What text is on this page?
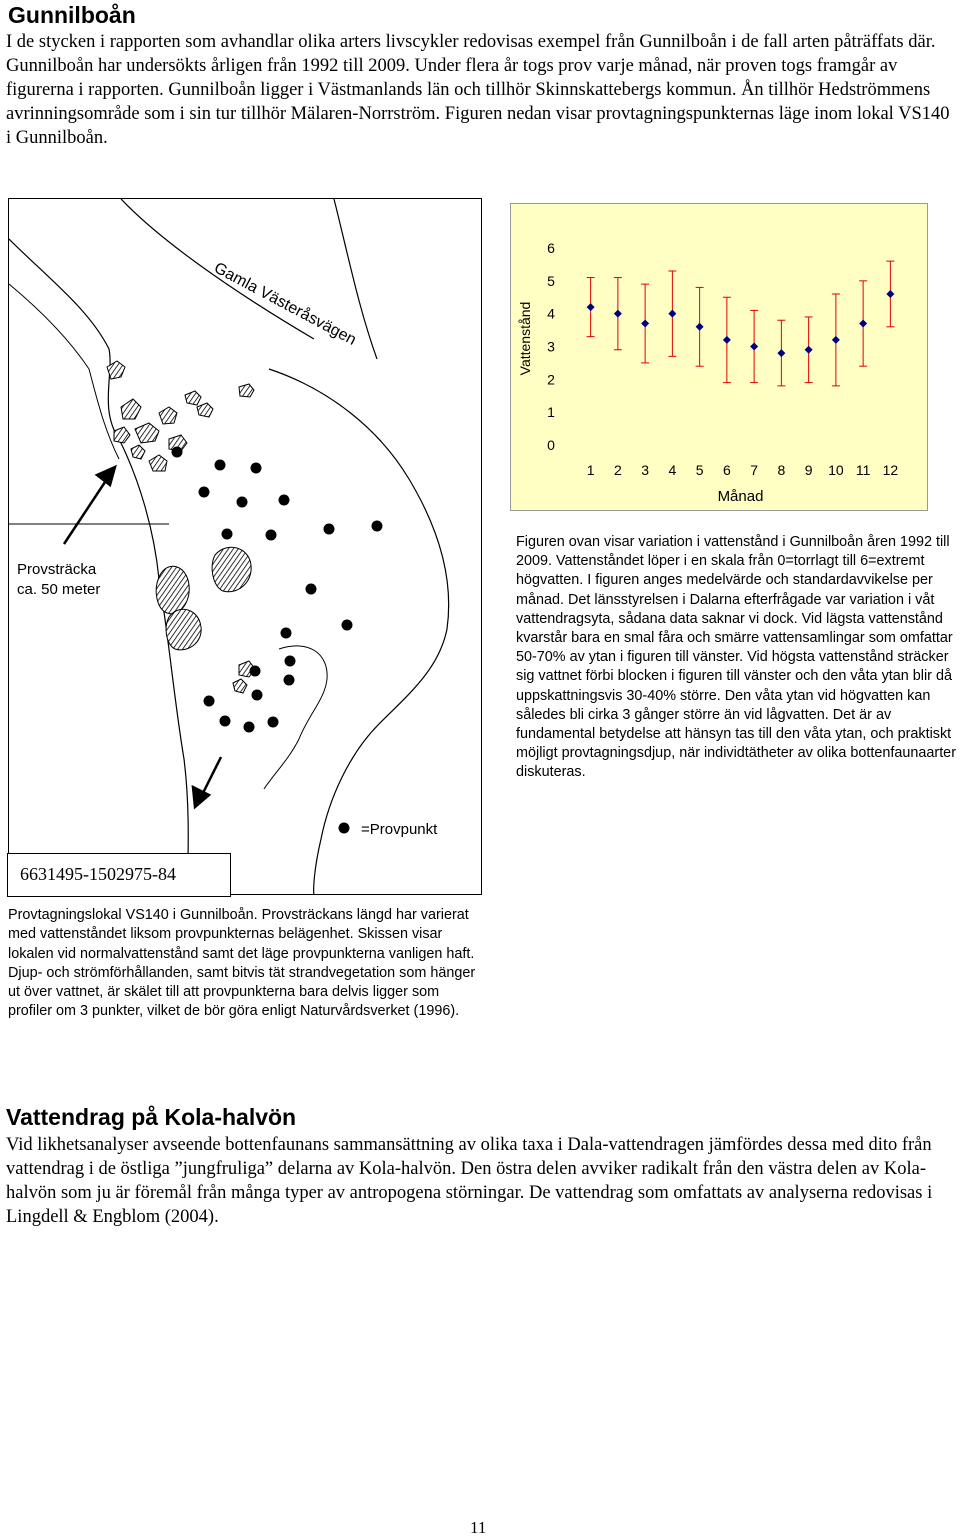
Gunnilboån

I de stycken i rapporten som avhandlar olika arters livscykler redovisas exempel från Gunnilboån i de fall arten påträffats där. Gunnilboån har undersökts årligen från 1992 till 2009. Under flera år togs prov varje månad, när proven togs framgår av figurerna i rapporten. Gunnilboån ligger i Västmanlands län och tillhör Skinnskattebergs kommun. Ån tillhör Hedströmmens avrinningsområde som i sin tur tillhör Mälaren-Norrström. Figuren nedan visar provtagningspunkternas läge inom lokal VS140 i Gunnilboån.

Gamla Västeråsvägen
Provsträcka
ca. 50 meter
=Provpunkt
6631495-1502975-84

Provtagningslokal VS140 i Gunnilboån. Provsträckans längd har varierat med vattenståndet liksom provpunkternas belägenhet. Skissen visar lokalen vid normalvattenstånd samt det läge provpunkterna vanligen haft. Djup- och strömförhållanden, samt bitvis tät strandvegetation som hänger ut över vattnet, är skälet till att provpunkterna bara delvis ligger som profiler om 3 punkter, vilket de bör göra enligt Naturvårdsverket (1996).

0
1
2
3
4
5
6
1 2 3 4 5 6 7 8 9 10 11 12
Månad
Vattenstånd

Figuren ovan visar variation i vattenstånd i Gunnilboån åren 1992 till 2009. Vattenståndet löper i en skala från 0=torrlagt till 6=extremt högvatten. I figuren anges medelvärde och standardavvikelse per månad. Det länsstyrelsen i Dalarna efterfrågade var variation i våt vattendragsyta, sådana data saknar vi dock. Vid lägsta vattenstånd kvarstår bara en smal fåra och smärre vattensamlingar som omfattar 50-70% av ytan i figuren till vänster. Vid högsta vattenstånd sträcker sig vattnet förbi blocken i figuren till vänster och den våta ytan blir då uppskattningsvis 30-40% större. Den våta ytan vid högvatten kan således bli cirka 3 gånger större än vid lågvatten. Det är av fundamental betydelse att hänsyn tas till den våta ytan, och praktiskt möjligt provtagningsdjup, när individtätheter av olika bottenfaunaarter diskuteras.

Vattendrag på Kola-halvön

Vid likhetsanalyser avseende bottenfaunans sammansättning av olika taxa i Dala-vattendragen jämfördes dessa med dito från vattendrag i de östliga ”jungfruliga” delarna av Kola-halvön. Den östra delen avviker radikalt från den västra delen av Kola-halvön som ju är föremål från många typer av antropogena störningar. De vattendrag som omfattats av analyserna redovisas i Lingdell & Engblom (2004).

11
